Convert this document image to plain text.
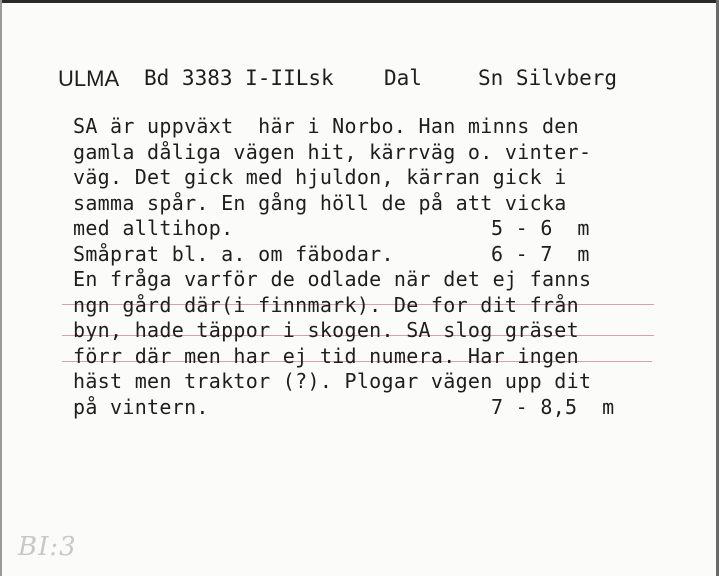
ULMA Bd 3383 I-IILsk Dal	Sn Silvberg
SA är uppväxt  här i Norbo. Han minns den
gamla dåliga vägen hit, kärrväg o. vinter-
väg. Det gick med hjuldon, kärran gick i
samma spår. En gång höll de på att vicka
med alltihop.	5 - 6  m
Småprat bl. a. om fäbodar.	6 - 7  m
En fråga varför de odlade när det ej fanns
ngn gård där(i finnmark). De for dit från
byn, hade täppor i skogen. SA slog gräset
förr där men har ej tid numera. Har ingen
häst men traktor (?). Plogar vägen upp dit
på vintern.	7 - 8,5  m
BI:3
